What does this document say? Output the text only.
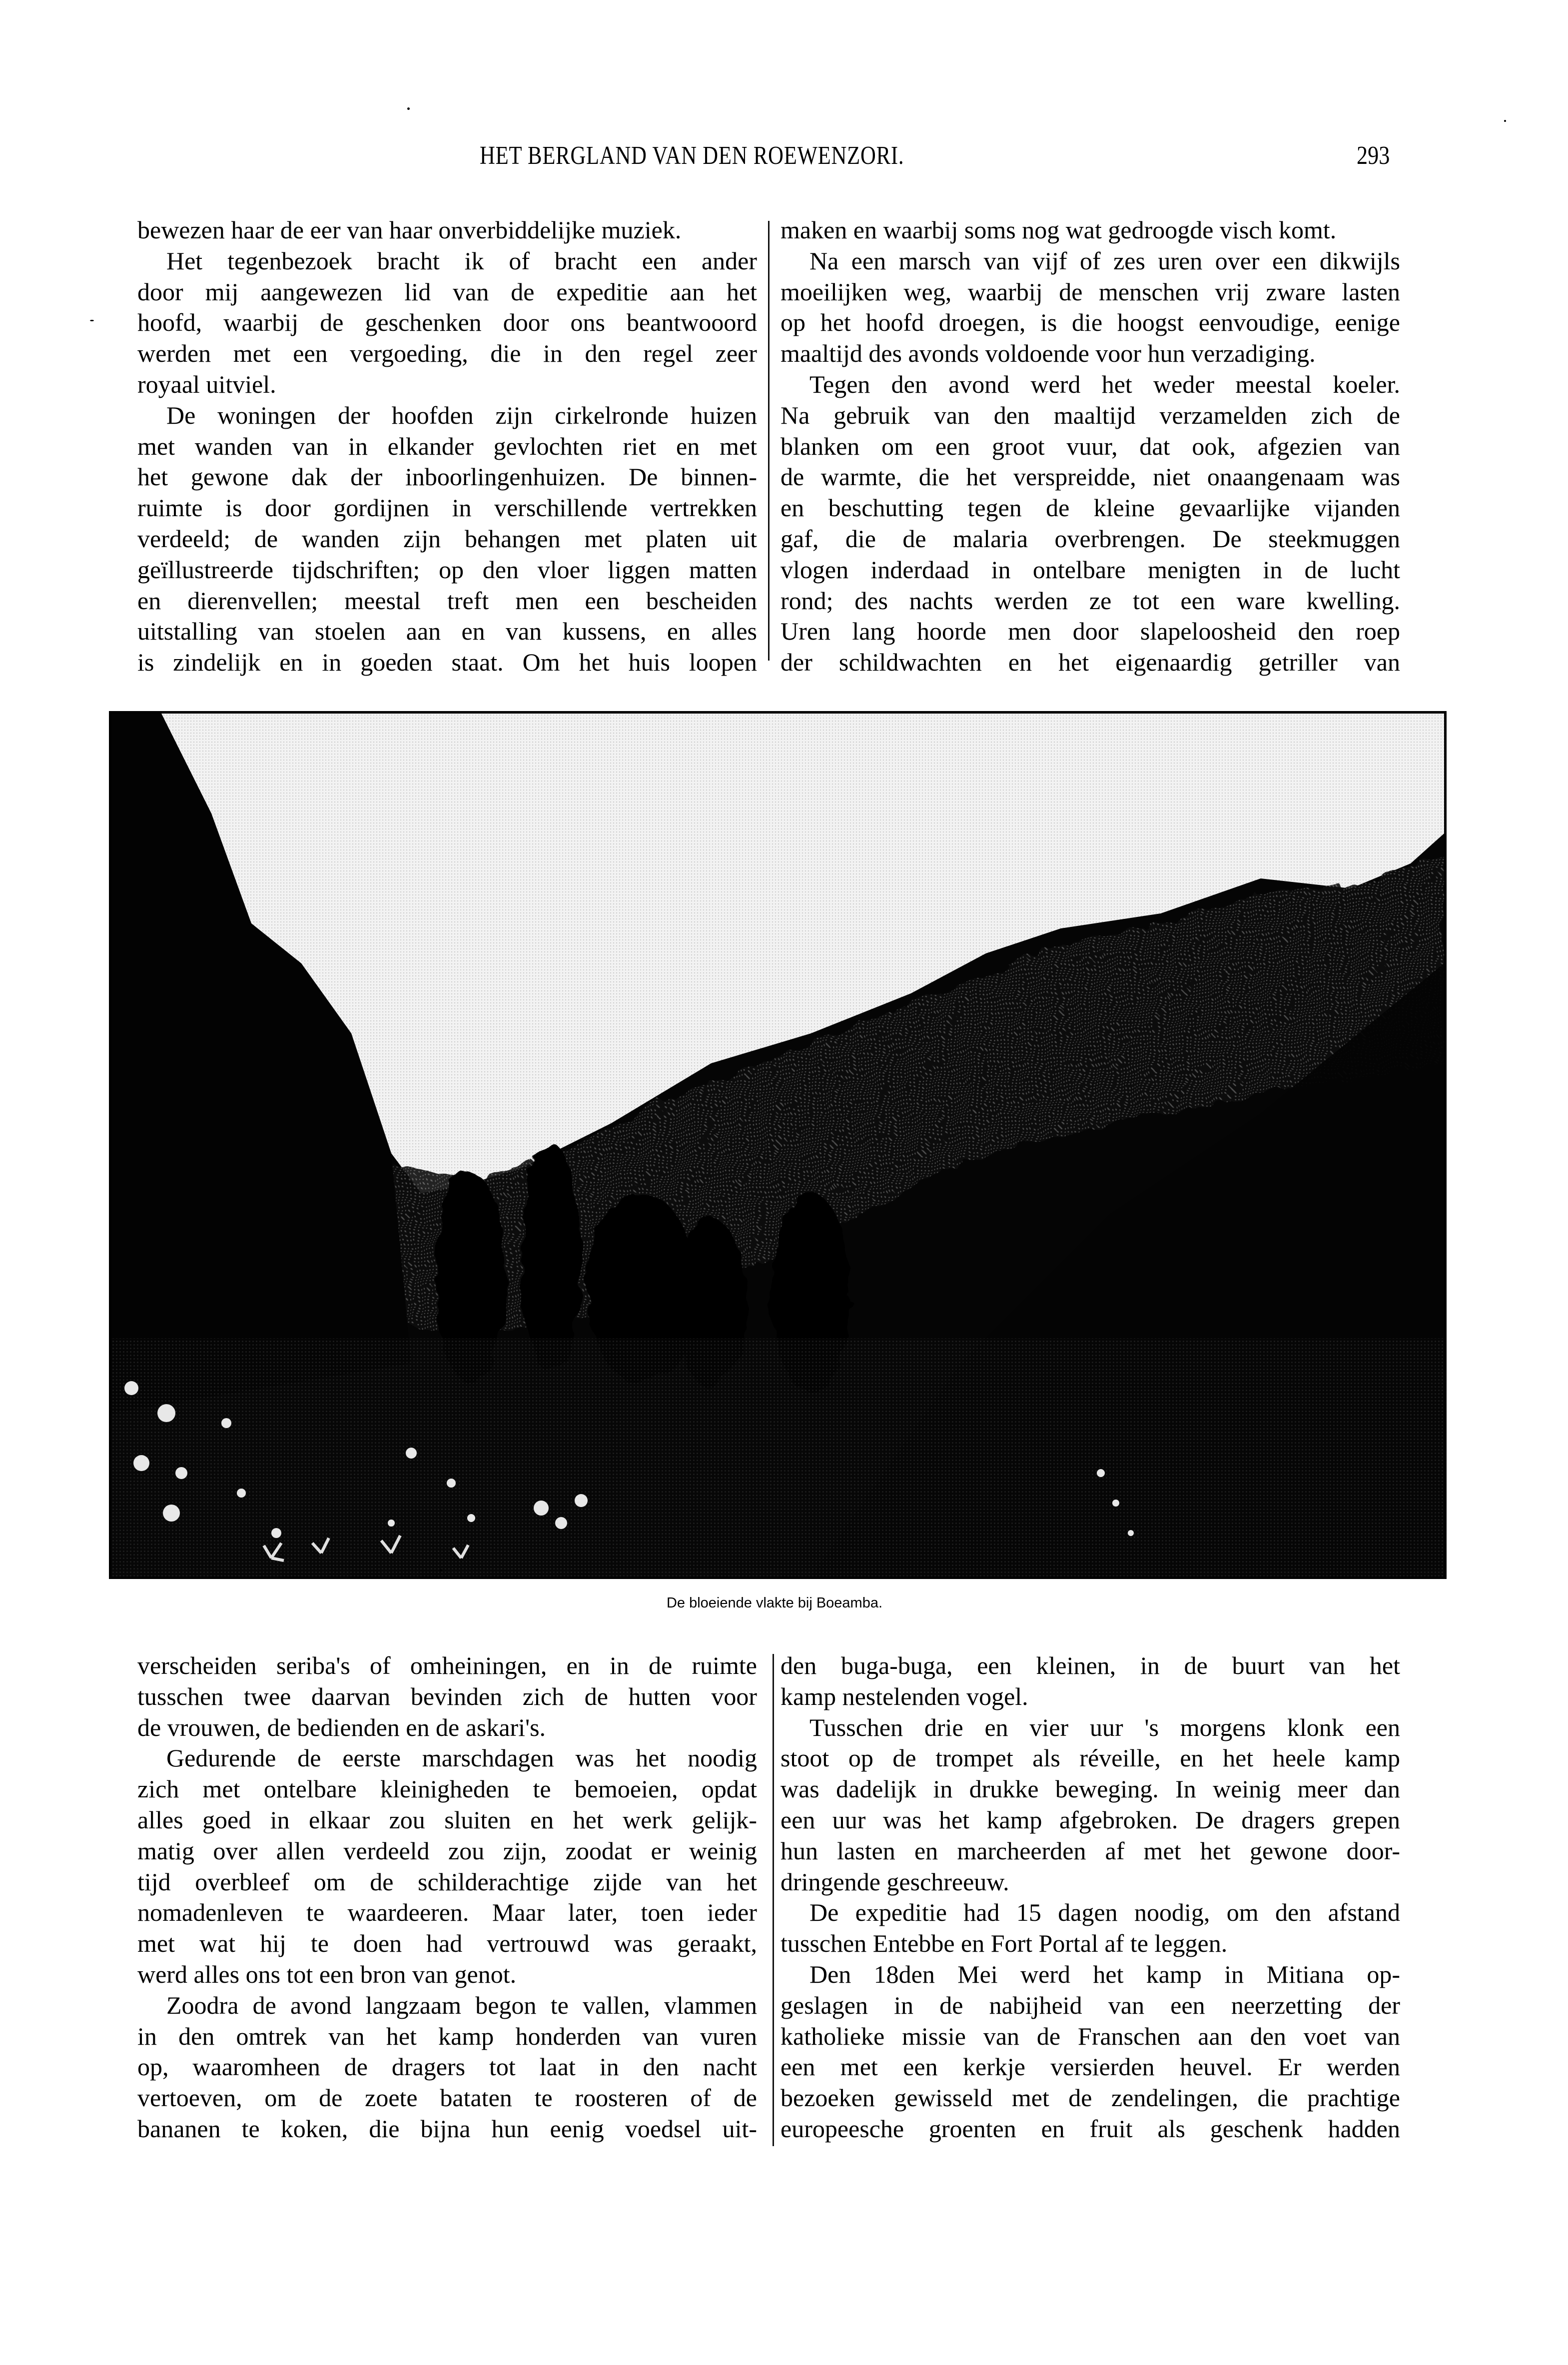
HET BERGLAND VAN DEN ROEWENZORI.	293
bewezen haar de eer van haar onverbiddelijke muziek.
Het tegenbezoek bracht ik of bracht een ander
door mij aangewezen lid van de expeditie aan het
hoofd, waarbij de geschenken door ons beantwooord
werden met een vergoeding, die in den regel zeer
royaal uitviel.
De woningen der hoofden zijn cirkelronde huizen
met wanden van in elkander gevlochten riet en met
het gewone dak der inboorlingenhuizen. De binnen-
ruimte is door gordijnen in verschillende vertrekken
verdeeld; de wanden zijn behangen met platen uit
geïllustreerde tijdschriften; op den vloer liggen matten
en dierenvellen; meestal treft men een bescheiden
uitstalling van stoelen aan en van kussens, en alles
is zindelijk en in goeden staat. Om het huis loopen
maken en waarbij soms nog wat gedroogde visch komt.
Na een marsch van vijf of zes uren over een dikwijls
moeilijken weg, waarbij de menschen vrij zware lasten
op het hoofd droegen, is die hoogst eenvoudige, eenige
maaltijd des avonds voldoende voor hun verzadiging.
Tegen den avond werd het weder meestal koeler.
Na gebruik van den maaltijd verzamelden zich de
blanken om een groot vuur, dat ook, afgezien van
de warmte, die het verspreidde, niet onaangenaam was
en beschutting tegen de kleine gevaarlijke vijanden
gaf, die de malaria overbrengen. De steekmuggen
vlogen inderdaad in ontelbare menigten in de lucht
rond; des nachts werden ze tot een ware kwelling.
Uren lang hoorde men door slapeloosheid den roep
der schildwachten en het eigenaardig getriller van
De bloeiende vlakte bij Boeamba.
verscheiden seriba's of omheiningen, en in de ruimte
tusschen twee daarvan bevinden zich de hutten voor
de vrouwen, de bedienden en de askari's.
Gedurende de eerste marschdagen was het noodig
zich met ontelbare kleinigheden te bemoeien, opdat
alles goed in elkaar zou sluiten en het werk gelijk-
matig over allen verdeeld zou zijn, zoodat er weinig
tijd overbleef om de schilderachtige zijde van het
nomadenleven te waardeeren. Maar later, toen ieder
met wat hij te doen had vertrouwd was geraakt,
werd alles ons tot een bron van genot.
Zoodra de avond langzaam begon te vallen, vlammen
in den omtrek van het kamp honderden van vuren
op, waaromheen de dragers tot laat in den nacht
vertoeven, om de zoete bataten te roosteren of de
bananen te koken, die bijna hun eenig voedsel uit-
den buga-buga, een kleinen, in de buurt van het
kamp nestelenden vogel.
Tusschen drie en vier uur 's morgens klonk een
stoot op de trompet als réveille, en het heele kamp
was dadelijk in drukke beweging. In weinig meer dan
een uur was het kamp afgebroken. De dragers grepen
hun lasten en marcheerden af met het gewone door-
dringende geschreeuw.
De expeditie had 15 dagen noodig, om den afstand
tusschen Entebbe en Fort Portal af te leggen.
Den 18den Mei werd het kamp in Mitiana op-
geslagen in de nabijheid van een neerzetting der
katholieke missie van de Franschen aan den voet van
een met een kerkje versierden heuvel. Er werden
bezoeken gewisseld met de zendelingen, die prachtige
europeesche groenten en fruit als geschenk hadden
